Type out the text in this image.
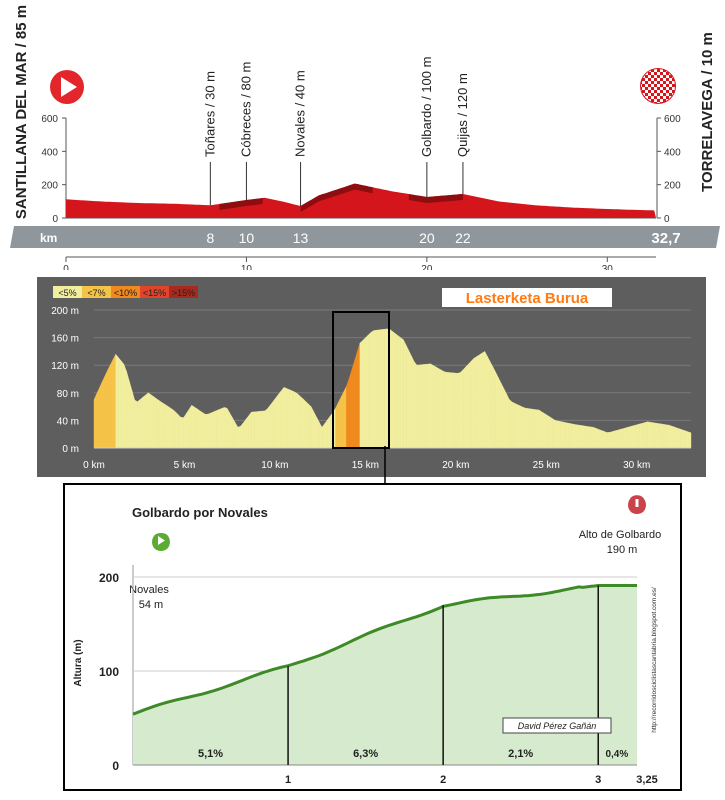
SANTILLANA DEL MAR / 85 m	TORRELAVEGA / 10 m
0	0
200	200
400	400
600	600
Toñares / 30 m Cóbreces / 80 m	Novales / 40 m	Golbardo / 100 m Quijas / 120 m
km	8 10	13	20 22	32,7
0	10	20	30
<5% <7% <10% <15% >15%	Lasterketa Burua
0 m
40 m
80 m
120 m
160 m
200 m
0 km	5 km	10 km	15 km	20 km	25 km	30 km
Golbardo por Novales
Novales
54 m
Alto de Golbardo
190 m
Altura (m)
0
100
200
1	2	3	3,25
5,1%	6,3%	2,1%	0,4%
David Pérez Gañán	http://recorridosciclistascantabria.blogspot.com.es/
